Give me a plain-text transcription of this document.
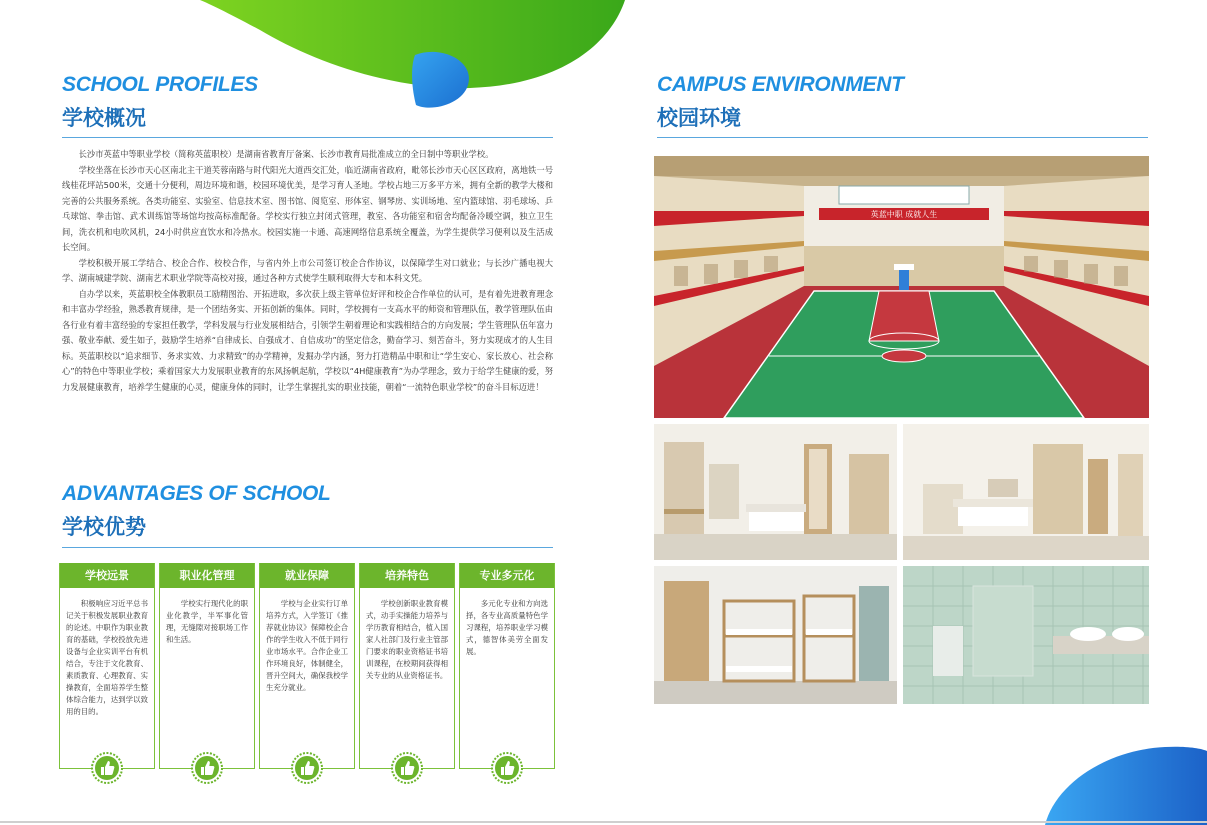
SCHOOL PROFILES
学校概况

长沙市英蓝中等职业学校（简称英蓝职校）是湖南省教育厅备案、长沙市教育局批准成立的全日制中等职业学校。

学校坐落在长沙市天心区南北主干道芙蓉南路与时代阳光大道西交汇处，临近湖南省政府，毗邻长沙市天心区区政府，离地铁一号线桂花坪站500米，交通十分便利，周边环境和谐，校园环境优美，是学习育人圣地。学校占地三万多平方米，拥有全新的教学大楼和完善的公共服务系统。各类功能室、实验室、信息技术室、图书馆、阅览室、形体室、钢琴房、实训场地、室内篮球馆、羽毛球场、乒乓球馆、拳击馆、武术训练馆等场馆均按高标准配备。学校实行独立封闭式管理，教室、各功能室和宿舍均配备冷暖空调，独立卫生间，洗衣机和电吹风机，24小时供应直饮水和冷热水。校园实施一卡通、高速网络信息系统全覆盖，为学生提供学习便利以及生活成长空间。

学校积极开展工学结合、校企合作、校校合作，与省内外上市公司签订校企合作协议，以保障学生对口就业；与长沙广播电视大学、湖南城建学院、湖南艺术职业学院等高校对接，通过各种方式使学生顺利取得大专和本科文凭。

自办学以来，英蓝职校全体教职员工励精图治、开拓进取，多次获上级主管单位好评和校企合作单位的认可，是有着先进教育理念和丰富办学经验，熟悉教育规律，是一个团结务实、开拓创新的集体。同时，学校拥有一支高水平的师资和管理队伍，教学管理队伍由各行业有着丰富经验的专家担任教学，学科发展与行业发展相结合，引领学生朝着理论和实践相结合的方向发展；学生管理队伍年富力强、敬业奉献、爱生如子，鼓励学生培养“自律成长、自强成才、自信成功”的坚定信念，勤奋学习、刻苦奋斗，努力实现成才的人生目标。英蓝职校以“追求细节、务求实效、力求精致”的办学精神，发掘办学内涵，努力打造精品中职和让“学生安心、家长放心、社会称心”的特色中等职业学校；乘着国家大力发展职业教育的东风扬帆起航，学校以“4H健康教育”为办学理念，致力于给学生健康的爱，努力发展健康教育，培养学生健康的心灵，健康身体的同时，让学生掌握扎实的职业技能，朝着“一流特色职业学校”的奋斗目标迈进！

ADVANTAGES OF SCHOOL
学校优势
学校远景
积极响应习近平总书记关于积极发展职业教育的论述。中职作为职业教育的基础，学校投放先进设备与企业实训平台有机结合，专注于文化教育、素质教育、心理教育、实操教育，全面培养学生整体综合能力，达到学以致用的目的。
职业化管理
学校实行现代化的职业化教学，半军事化管理，无缝隙对接职场工作和生活。
就业保障
学校与企业实行订单培养方式，入学签订《推荐就业协议》保障校企合作的学生收入不低于同行业市场水平。合作企业工作环境良好，体制健全，晋升空间大，确保我校学生充分就业。
培养特色
学校创新职业教育模式，动手实操能力培养与学历教育相结合，植入国家人社部门及行业主管部门要求的职业资格证书培训课程，在校期间获得相关专业的从业资格证书。
专业多元化
多元化专业和方向选择，各专业高质量特色学习课程，培养职业学习模式，德智体美劳全面发展。
CAMPUS ENVIRONMENT
校园环境
英蓝中职 成就人生
